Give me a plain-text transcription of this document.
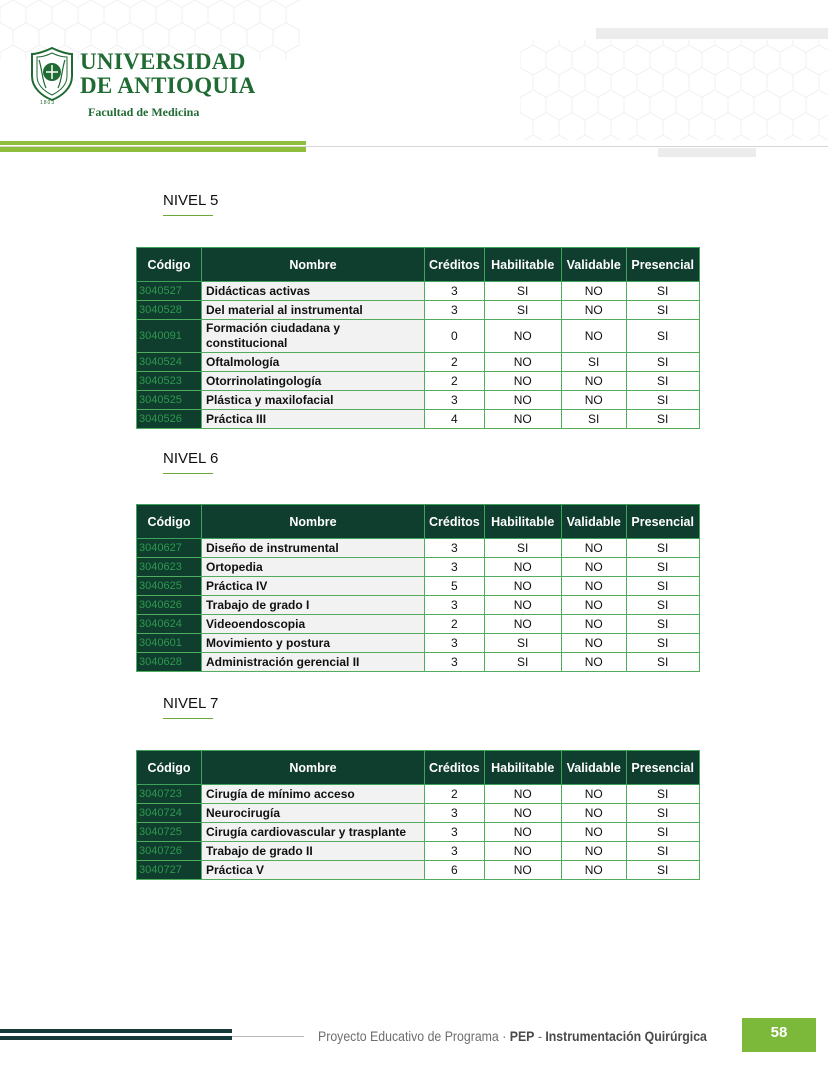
UNIVERSIDAD
DE ANTIOQUIA
1803
Facultad de Medicina
NIVEL 5
Código	Nombre	Créditos	Habilitable	Validable	Presencial
3040527	Didácticas activas	3	SI	NO	SI
3040528	Del material al instrumental	3	SI	NO	SI
3040091	Formación ciudadana y constitucional	0	NO	NO	SI
3040524	Oftalmología	2	NO	SI	SI
3040523	Otorrinolatingología	2	NO	NO	SI
3040525	Plástica y maxilofacial	3	NO	NO	SI
3040526	Práctica III	4	NO	SI	SI
NIVEL 6
Código	Nombre	Créditos	Habilitable	Validable	Presencial
3040627	Diseño de instrumental	3	SI	NO	SI
3040623	Ortopedia	3	NO	NO	SI
3040625	Práctica IV	5	NO	NO	SI
3040626	Trabajo de grado I	3	NO	NO	SI
3040624	Videoendoscopia	2	NO	NO	SI
3040601	Movimiento y postura	3	SI	NO	SI
3040628	Administración gerencial II	3	SI	NO	SI
NIVEL 7
Código	Nombre	Créditos	Habilitable	Validable	Presencial
3040723	Cirugía de mínimo acceso	2	NO	NO	SI
3040724	Neurocirugía	3	NO	NO	SI
3040725	Cirugía cardiovascular y trasplante	3	NO	NO	SI
3040726	Trabajo de grado II	3	NO	NO	SI
3040727	Práctica V	6	NO	NO	SI
Proyecto Educativo de Programa · PEP - Instrumentación Quirúrgica	58
